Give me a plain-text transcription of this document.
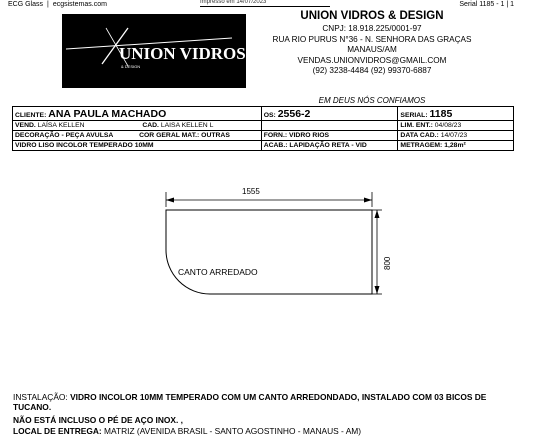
ECG Glass | ecgsistemas.com	Impresso em 14/07/2023	Serial 1185 - 1 | 1
UNION VIDROS
& DESIGN
UNION VIDROS & DESIGN
CNPJ: 18.918.225/0001-97
RUA RIO PURUS N°36 - N. SENHORA DAS GRAÇAS
MANAUS/AM
VENDAS.UNIONVIDROS@GMAIL.COM
(92) 3238-4484 (92) 99370-6887
EM DEUS NÓS CONFIAMOS
CLIENTE: ANA PAULA MACHADO	OS: 2556-2	SERIAL: 1185
VEND. LAÍSA KELLEN CAD. LAISA KELLEN L		LIM. ENT.: 04/08/23
DECORAÇÃO - PEÇA AVULSA COR GERAL MAT.: OUTRAS	FORN.: VIDRO RIOS	DATA CAD.: 14/07/23
VIDRO LISO INCOLOR TEMPERADO 10MM	ACAB.: LAPIDAÇÃO RETA - VID	METRAGEM: 1,28m²
1555
800
CANTO ARREDADO
INSTALAÇÃO: VIDRO INCOLOR 10MM TEMPERADO COM UM CANTO ARREDONDADO, INSTALADO COM 03 BICOS DE TUCANO.
NÃO ESTÁ INCLUSO O PÉ DE AÇO INOX. ,
LOCAL DE ENTREGA: MATRIZ (AVENIDA BRASIL - SANTO AGOSTINHO - MANAUS - AM)
